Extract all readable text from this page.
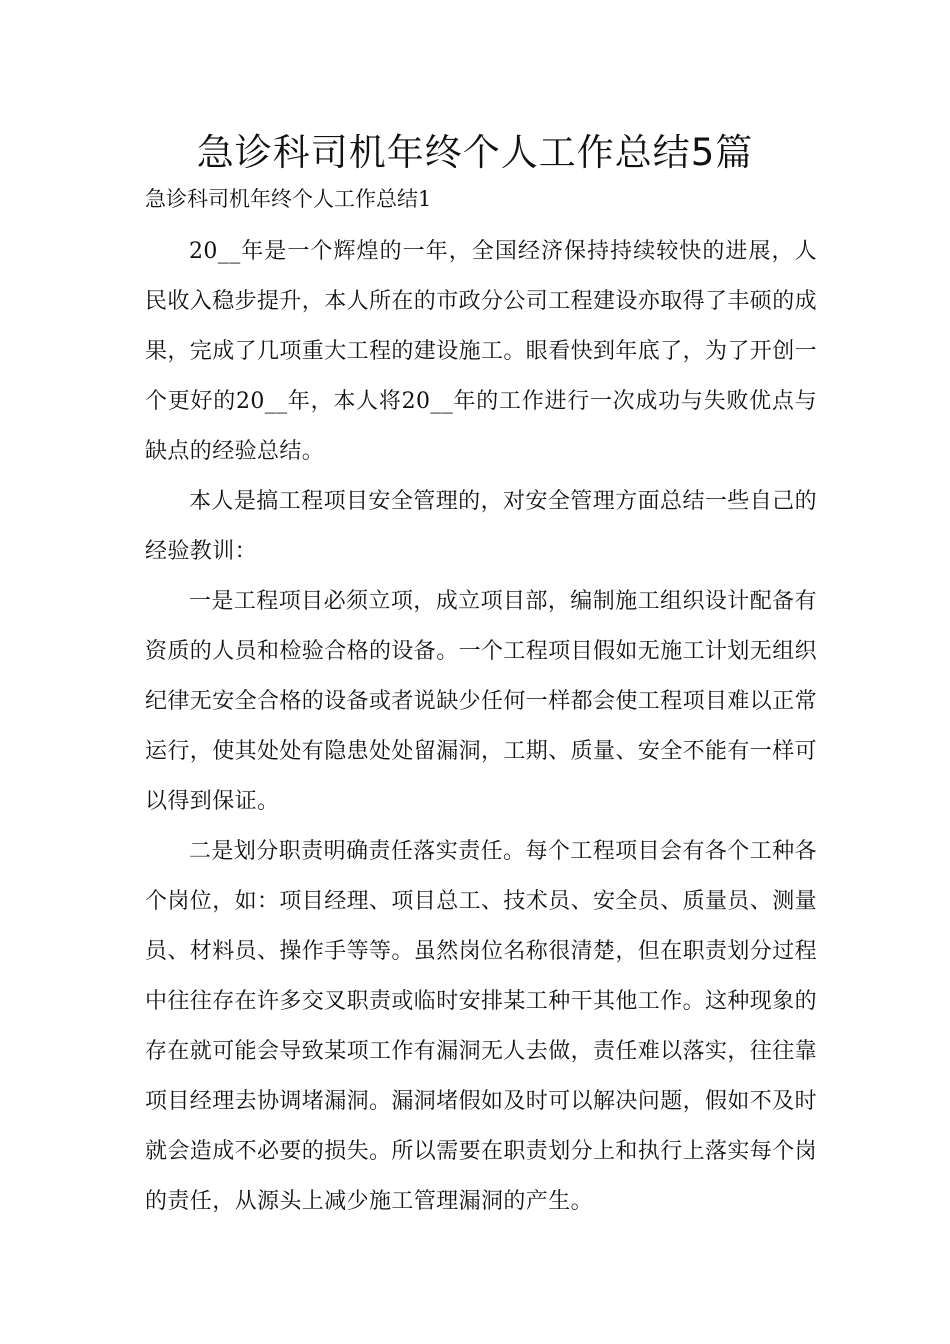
急诊科司机年终个人工作总结5篇
急诊科司机年终个人工作总结1

20__年是一个辉煌的一年，全国经济保持持续较快的进展，人民收入稳步提升，本人所在的市政分公司工程建设亦取得了丰硕的成果，完成了几项重大工程的建设施工。眼看快到年底了，为了开创一个更好的20__年，本人将20__年的工作进行一次成功与失败优点与缺点的经验总结。

本人是搞工程项目安全管理的，对安全管理方面总结一些自己的经验教训：

一是工程项目必须立项，成立项目部，编制施工组织设计配备有资质的人员和检验合格的设备。一个工程项目假如无施工计划无组织纪律无安全合格的设备或者说缺少任何一样都会使工程项目难以正常运行，使其处处有隐患处处留漏洞，工期、质量、安全不能有一样可以得到保证。

二是划分职责明确责任落实责任。每个工程项目会有各个工种各个岗位，如：项目经理、项目总工、技术员、安全员、质量员、测量员、材料员、操作手等等。虽然岗位名称很清楚，但在职责划分过程中往往存在许多交叉职责或临时安排某工种干其他工作。这种现象的存在就可能会导致某项工作有漏洞无人去做，责任难以落实，往往靠项目经理去协调堵漏洞。漏洞堵假如及时可以解决问题，假如不及时就会造成不必要的损失。所以需要在职责划分上和执行上落实每个岗的责任，从源头上减少施工管理漏洞的产生。
